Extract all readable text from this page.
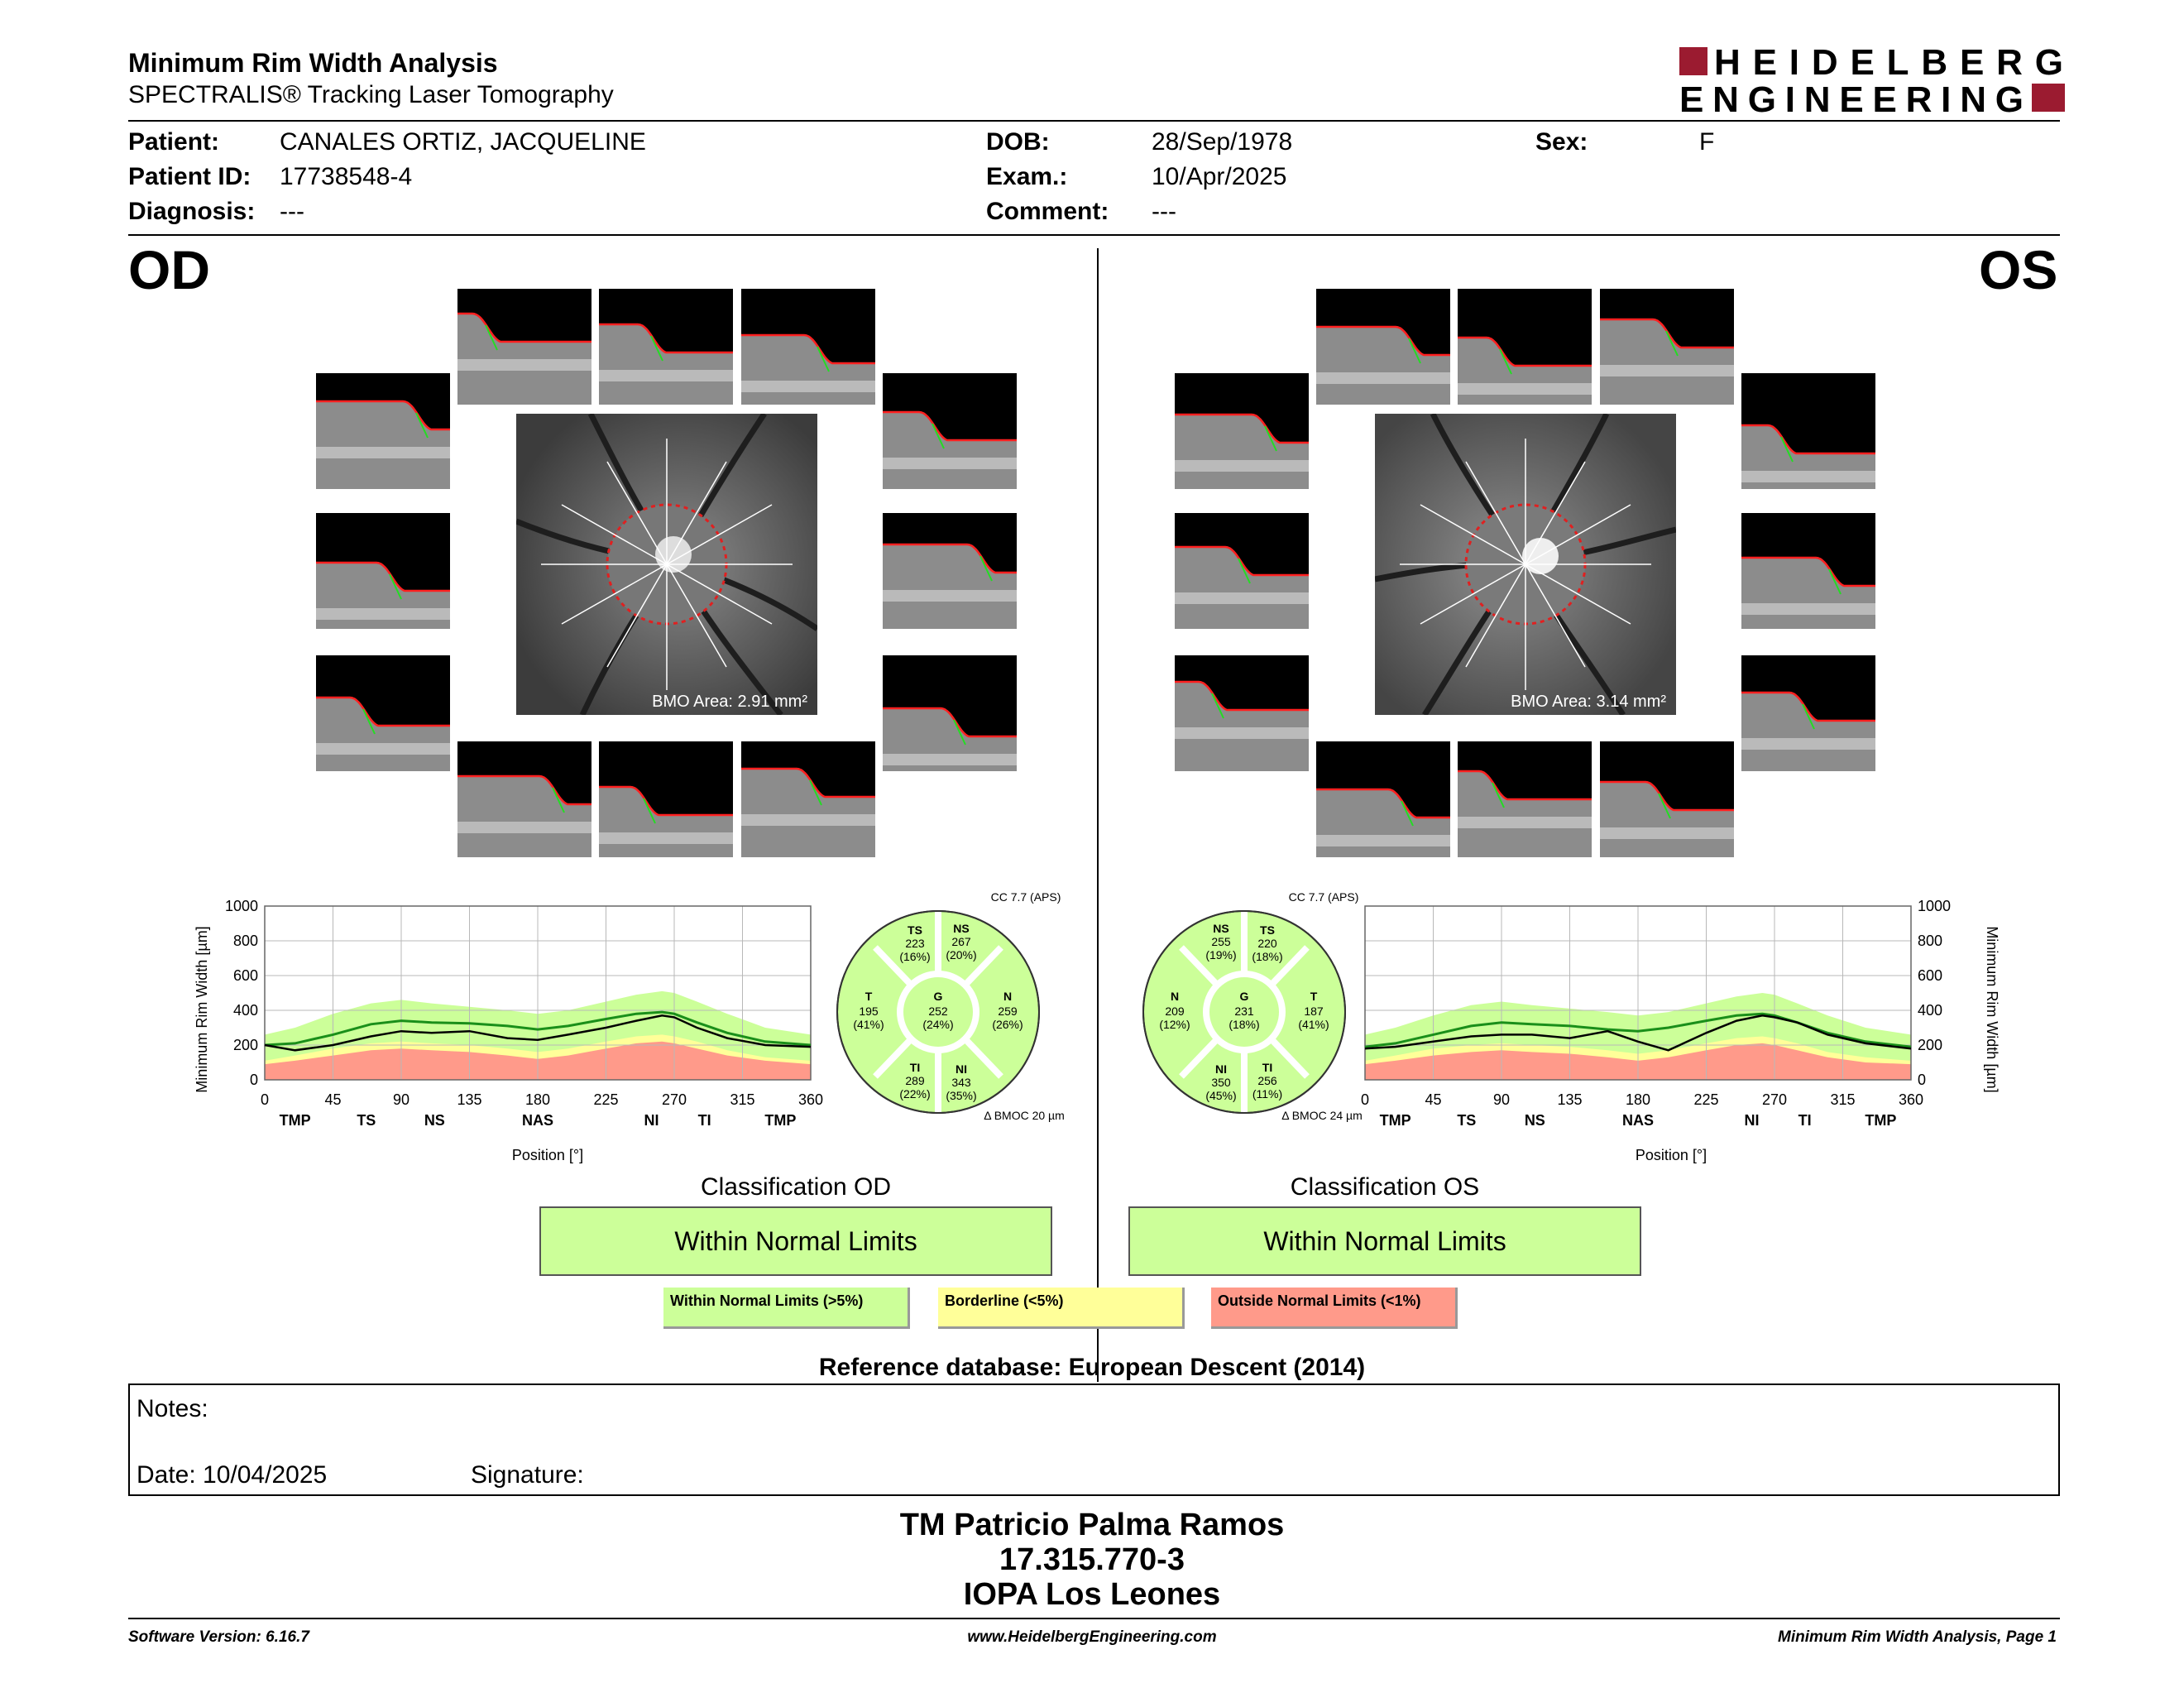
Minimum Rim Width Analysis
SPECTRALIS® Tracking Laser Tomography
HEIDELBERG
ENGINEERING
Patient: CANALES ORTIZ, JACQUELINE
Patient ID: 17738548-4
Diagnosis: ---
DOB:	28/Sep/1978
Exam.:	10/Apr/2025
Comment: ---
Sex:	F
OD	OS
BMO Area: 2.91 mm²	BMO Area: 3.14 mm²
Minimum Rim Width [µm]	0
200
400
600
800
1000
0	45	90	135	180	225	270	315	360
TMP	TS	NS	NAS	NI	TI	TMP
Position [°]
Minimum Rim Width [µm]
0
200
400
600
800
1000
0	45	90	135	180	225	270	315	360
TMP	TS	NS	NAS	NI	TI	TMP
Position [°]
CC 7.7 (APS)
TS
223
(16%)
NS
267
(20%)
T
195
(41%)
G
252
(24%)
N
259
(26%)
TI
289
(22%)
NI
343
(35%)
Δ BMOC 20 µm
CC 7.7 (APS)
NS
255
(19%)
TS
220
(18%)
N
209
(12%)
G
231
(18%)
T
187
(41%)
NI
350
(45%)
TI
256
(11%)
Δ BMOC 24 µm
Classification OD
Within Normal Limits
Classification OS
Within Normal Limits
Within Normal Limits (>5%)	Borderline (<5%)	Outside Normal Limits (<1%)
Reference database: European Descent (2014)
Notes:
Date: 10/04/2025	Signature:
TM Patricio Palma Ramos
17.315.770-3
IOPA Los Leones
Software Version: 6.16.7	www.HeidelbergEngineering.com	Minimum Rim Width Analysis, Page 1
